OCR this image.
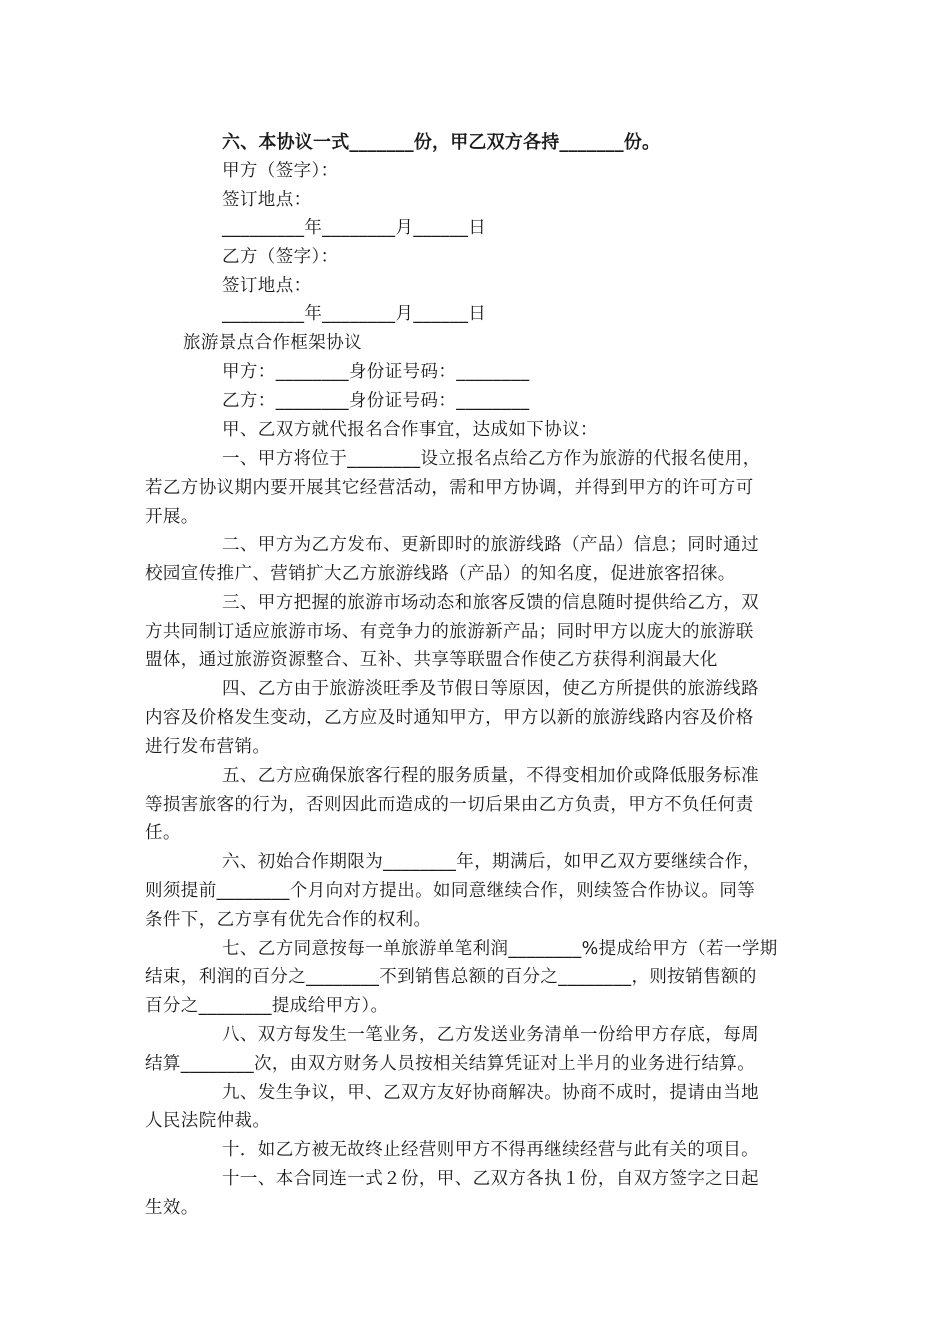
六、本协议一式_______份，甲乙双方各持_______份。
甲方（签字）：
签订地点：
_________年________月______日
乙方（签字）：
签订地点：
_________年________月______日
旅游景点合作框架协议
甲方：________身份证号码：________
乙方：________身份证号码：________
甲、乙双方就代报名合作事宜，达成如下协议：
一、甲方将位于________设立报名点给乙方作为旅游的代报名使用，
若乙方协议期内要开展其它经营活动，需和甲方协调，并得到甲方的许可方可
开展。
二、甲方为乙方发布、更新即时的旅游线路（产品）信息；同时通过
校园宣传推广、营销扩大乙方旅游线路（产品）的知名度，促进旅客招徕。
三、甲方把握的旅游市场动态和旅客反馈的信息随时提供给乙方，双
方共同制订适应旅游市场、有竞争力的旅游新产品；同时甲方以庞大的旅游联
盟体，通过旅游资源整合、互补、共享等联盟合作使乙方获得利润最大化
四、乙方由于旅游淡旺季及节假日等原因，使乙方所提供的旅游线路
内容及价格发生变动，乙方应及时通知甲方，甲方以新的旅游线路内容及价格
进行发布营销。
五、乙方应确保旅客行程的服务质量，不得变相加价或降低服务标准
等损害旅客的行为，否则因此而造成的一切后果由乙方负责，甲方不负任何责
任。
六、初始合作期限为________年，期满后，如甲乙双方要继续合作，
则须提前________个月向对方提出。如同意继续合作，则续签合作协议。同等
条件下，乙方享有优先合作的权利。
七、乙方同意按每一单旅游单笔利润________%提成给甲方（若一学期
结束，利润的百分之________不到销售总额的百分之________，则按销售额的
百分之________提成给甲方）。
八、双方每发生一笔业务，乙方发送业务清单一份给甲方存底，每周
结算________次，由双方财务人员按相关结算凭证对上半月的业务进行结算。
九、发生争议，甲、乙双方友好协商解决。协商不成时，提请由当地
人民法院仲裁。
十．如乙方被无故终止经营则甲方不得再继续经营与此有关的项目。
十一、本合同连一式２份，甲、乙双方各执１份，自双方签字之日起
生效。
